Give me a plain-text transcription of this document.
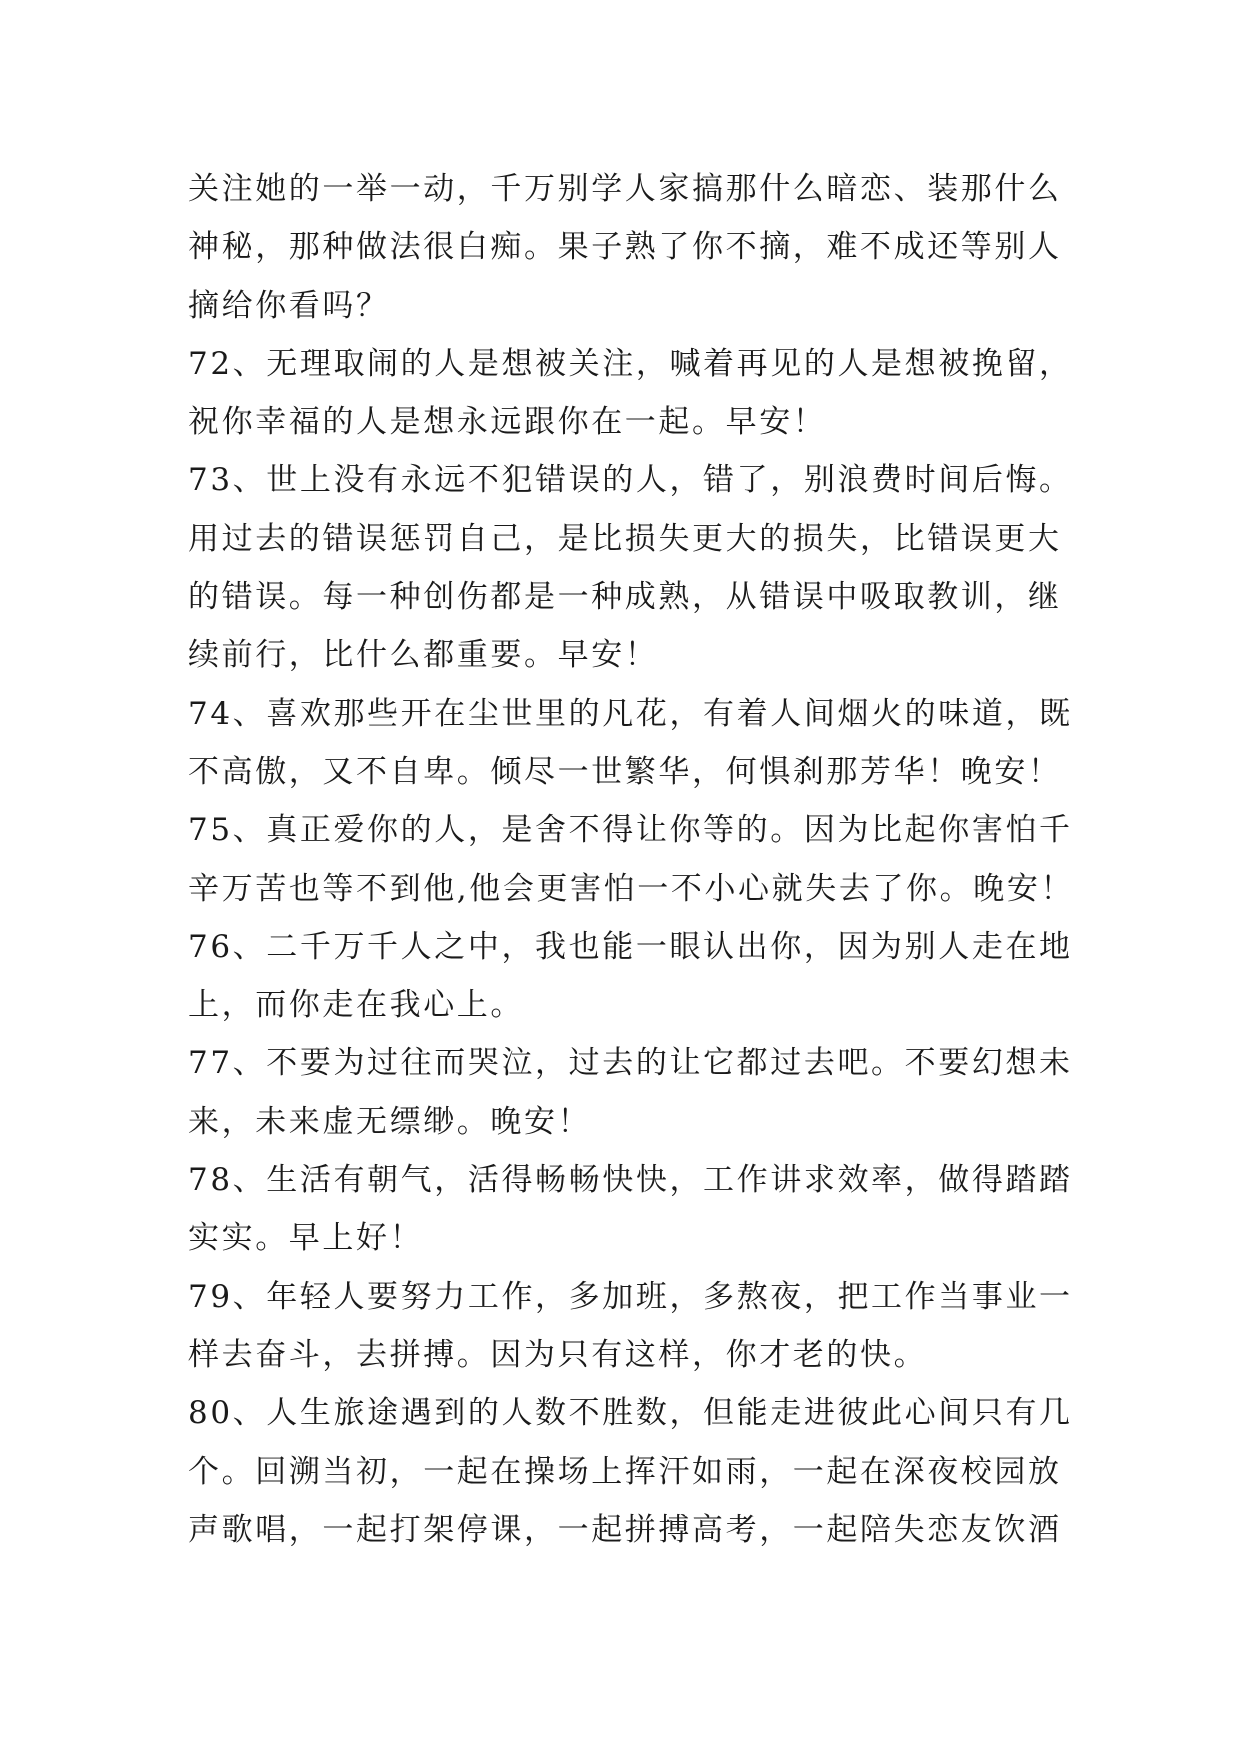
关注她的一举一动，千万别学人家搞那什么暗恋、装那什么
神秘，那种做法很白痴。果子熟了你不摘，难不成还等别人
摘给你看吗？
72、无理取闹的人是想被关注，喊着再见的人是想被挽留，
祝你幸福的人是想永远跟你在一起。早安！
73、世上没有永远不犯错误的人，错了，别浪费时间后悔。
用过去的错误惩罚自己，是比损失更大的损失，比错误更大
的错误。每一种创伤都是一种成熟，从错误中吸取教训，继
续前行，比什么都重要。早安！
74、喜欢那些开在尘世里的凡花，有着人间烟火的味道，既
不高傲，又不自卑。倾尽一世繁华，何惧刹那芳华！晚安！
75、真正爱你的人，是舍不得让你等的。因为比起你害怕千
辛万苦也等不到他,他会更害怕一不小心就失去了你。晚安！
76、二千万千人之中，我也能一眼认出你，因为别人走在地
上，而你走在我心上。
77、不要为过往而哭泣，过去的让它都过去吧。不要幻想未
来，未来虚无缥缈。晚安！
78、生活有朝气，活得畅畅快快，工作讲求效率，做得踏踏
实实。早上好！
79、年轻人要努力工作，多加班，多熬夜，把工作当事业一
样去奋斗，去拼搏。因为只有这样，你才老的快。
80、人生旅途遇到的人数不胜数，但能走进彼此心间只有几
个。回溯当初，一起在操场上挥汗如雨，一起在深夜校园放
声歌唱，一起打架停课，一起拼搏高考，一起陪失恋友饮酒
